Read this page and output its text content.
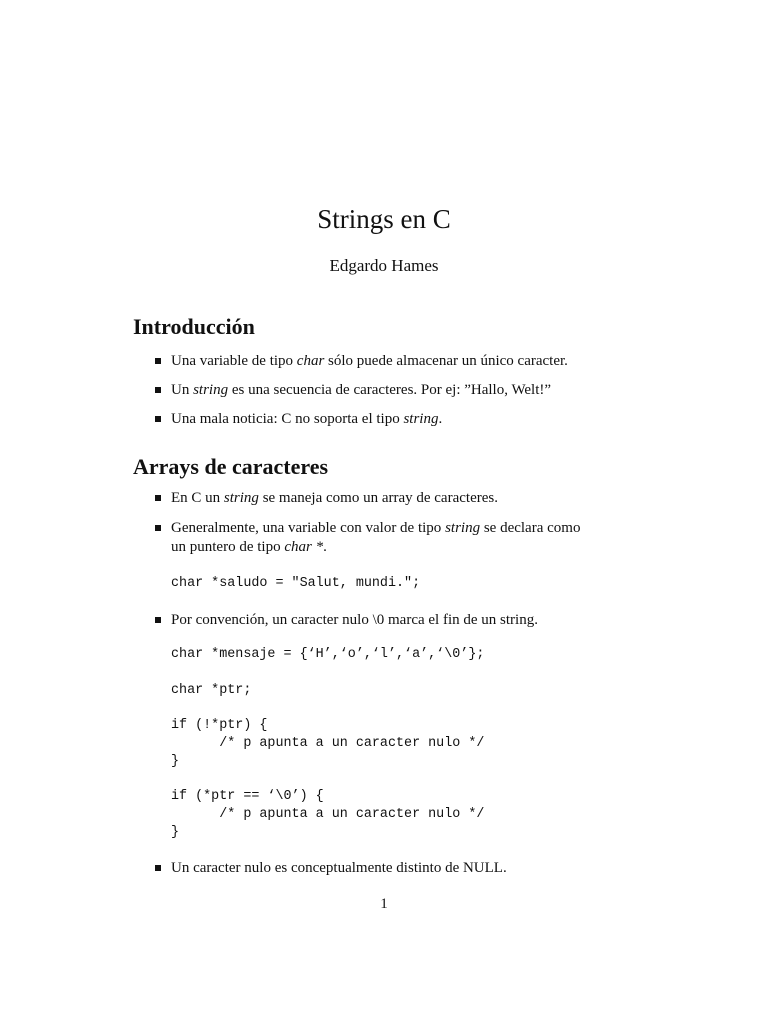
Strings en C
Edgardo Hames
Introducción
Una variable de tipo char sólo puede almacenar un único caracter.
Un string es una secuencia de caracteres. Por ej: ”Hallo, Welt!”
Una mala noticia: C no soporta el tipo string.
Arrays de caracteres
En C un string se maneja como un array de caracteres.
Generalmente, una variable con valor de tipo string se declara como
un puntero de tipo char *.
char *saludo = "Salut, mundi.";
Por convención, un caracter nulo \0 marca el fin de un string.
char *mensaje = {‘H’,‘o’,‘l’,‘a’,‘\0’};
char *ptr;
if (!*ptr) {
/* p apunta a un caracter nulo */
}
if (*ptr == ‘\0’) {
/* p apunta a un caracter nulo */
}
Un caracter nulo es conceptualmente distinto de NULL.
1
